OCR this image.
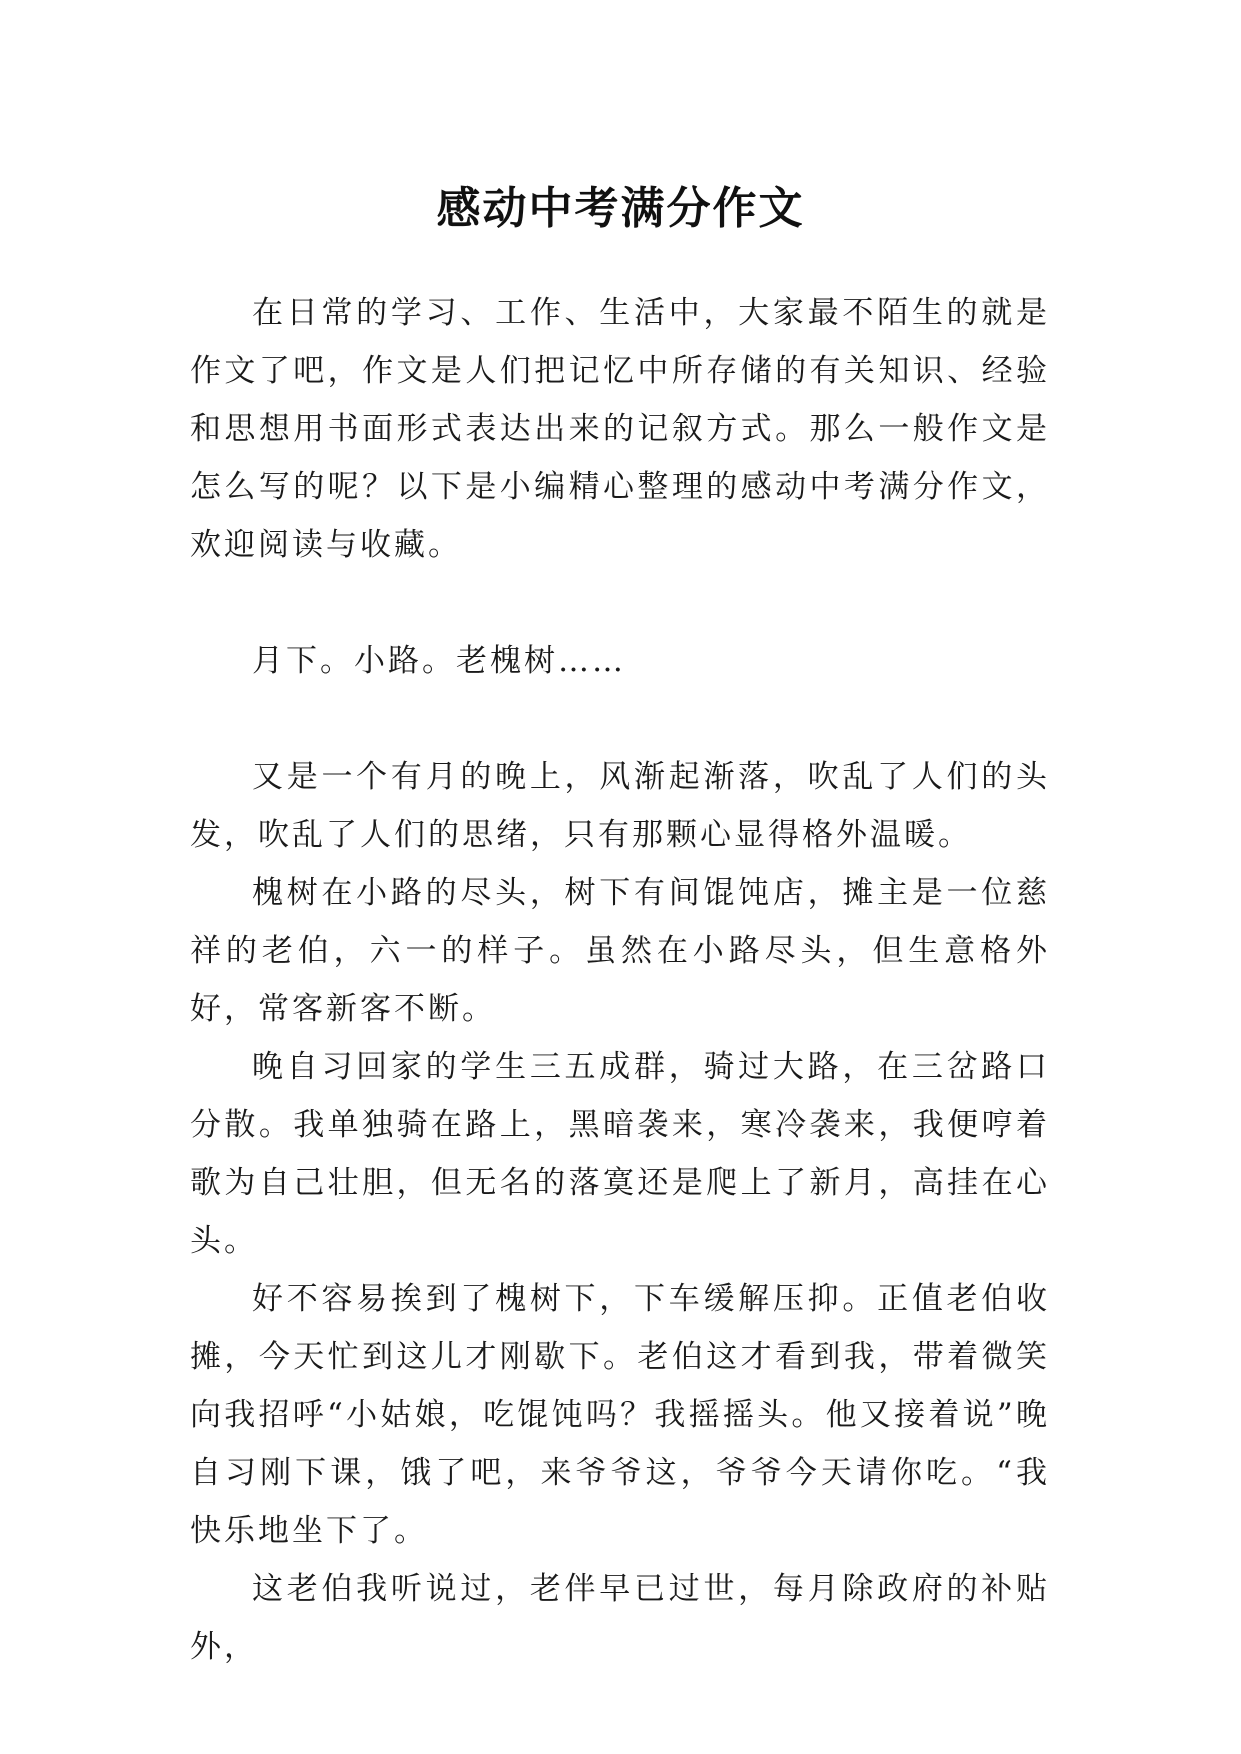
感动中考满分作文

在日常的学习、工作、生活中，大家最不陌生的就是作文了吧，作文是人们把记忆中所存储的有关知识、经验和思想用书面形式表达出来的记叙方式。那么一般作文是怎么写的呢？以下是小编精心整理的感动中考满分作文，欢迎阅读与收藏。

月下。小路。老槐树……

又是一个有月的晚上，风渐起渐落，吹乱了人们的头发，吹乱了人们的思绪，只有那颗心显得格外温暖。

槐树在小路的尽头，树下有间馄饨店，摊主是一位慈祥的老伯，六一的样子。虽然在小路尽头，但生意格外好，常客新客不断。

晚自习回家的学生三五成群，骑过大路，在三岔路口分散。我单独骑在路上，黑暗袭来，寒冷袭来，我便哼着歌为自己壮胆，但无名的落寞还是爬上了新月，高挂在心头。

好不容易挨到了槐树下，下车缓解压抑。正值老伯收摊，今天忙到这儿才刚歇下。老伯这才看到我，带着微笑向我招呼“小姑娘，吃馄饨吗？我摇摇头。他又接着说”晚自习刚下课，饿了吧，来爷爷这，爷爷今天请你吃。“我快乐地坐下了。

这老伯我听说过，老伴早已过世，每月除政府的补贴外，
